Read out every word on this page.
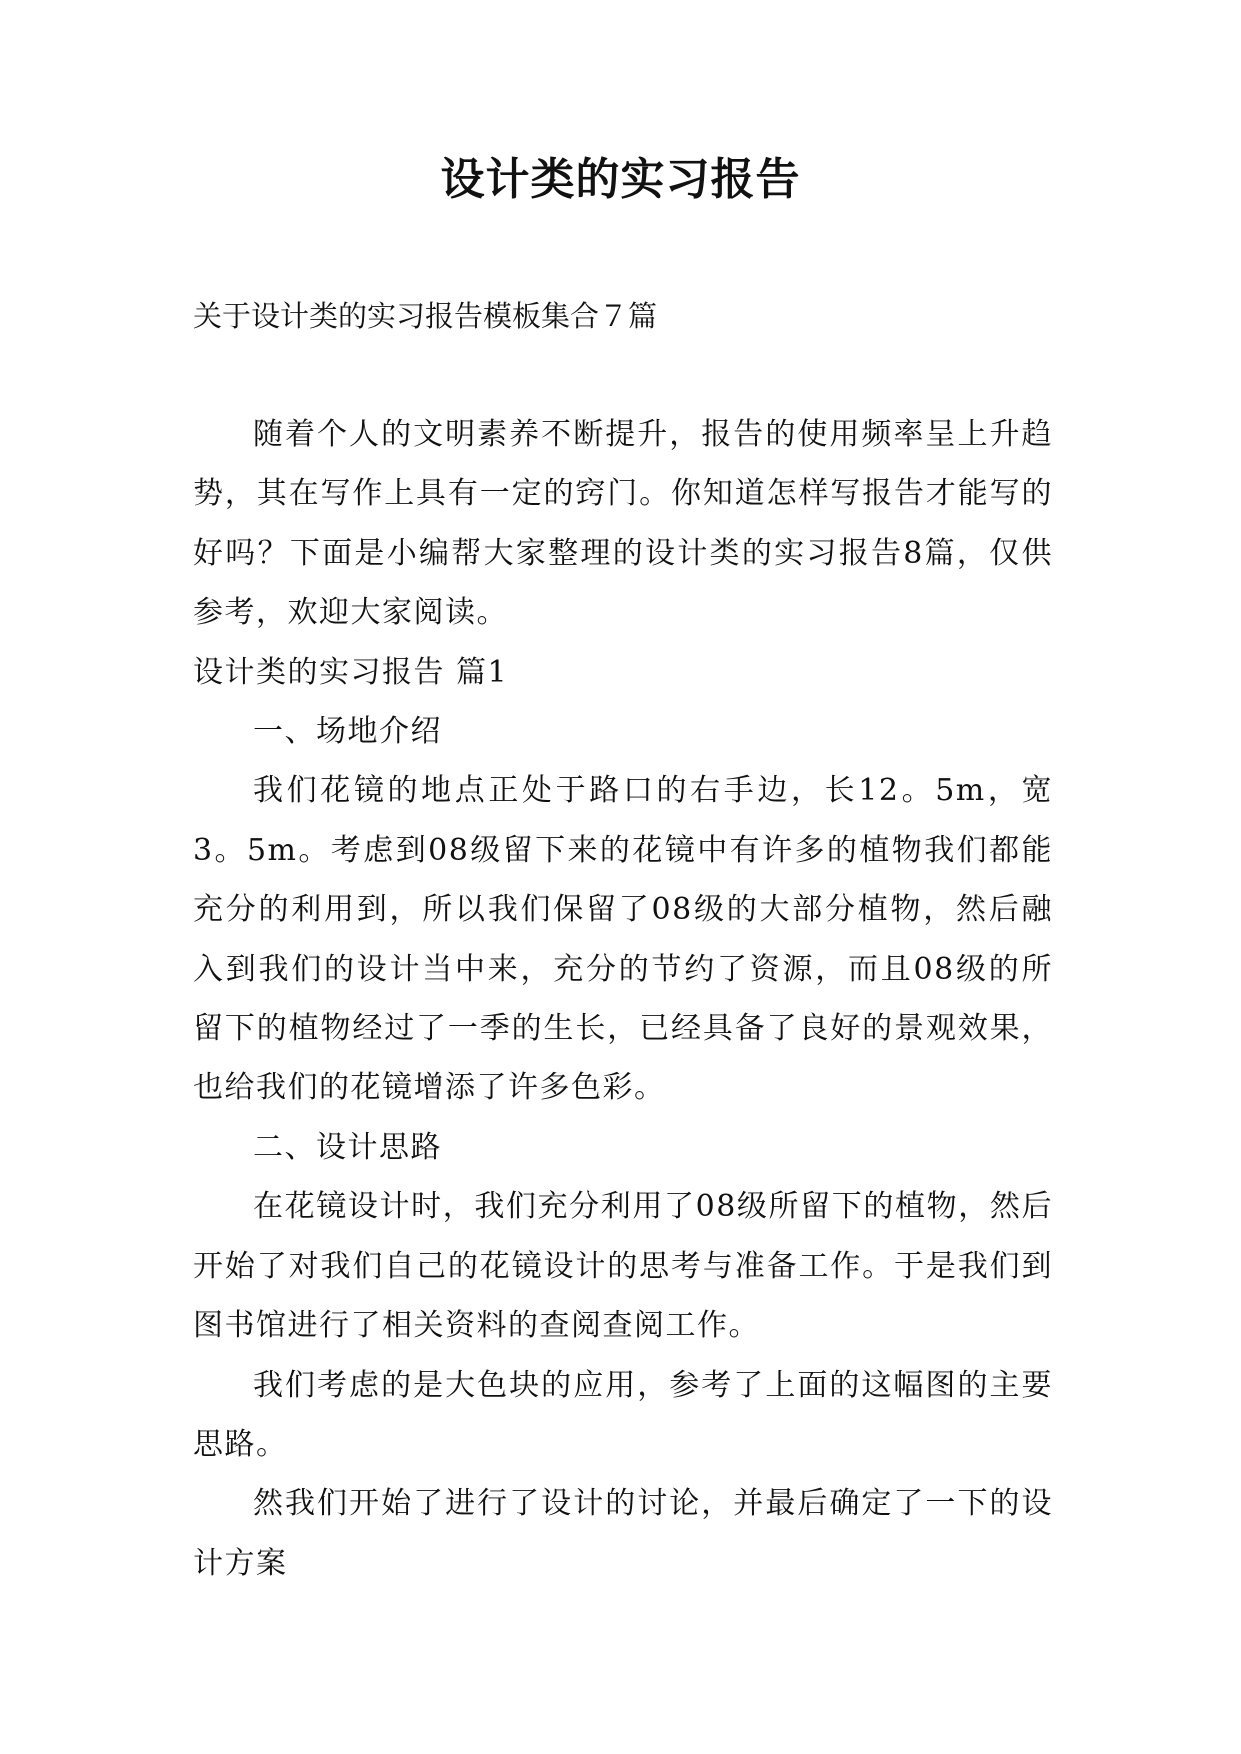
设计类的实习报告
关于设计类的实习报告模板集合７篇

随着个人的文明素养不断提升，报告的使用频率呈上升趋势，其在写作上具有一定的窍门。你知道怎样写报告才能写的好吗？下面是小编帮大家整理的设计类的实习报告8篇，仅供参考，欢迎大家阅读。

设计类的实习报告 篇1

一、场地介绍

我们花镜的地点正处于路口的右手边，长12。5m，宽3。5m。考虑到08级留下来的花镜中有许多的植物我们都能充分的利用到，所以我们保留了08级的大部分植物，然后融入到我们的设计当中来，充分的节约了资源，而且08级的所留下的植物经过了一季的生长，已经具备了良好的景观效果，也给我们的花镜增添了许多色彩。

二、设计思路

在花镜设计时，我们充分利用了08级所留下的植物，然后开始了对我们自己的花镜设计的思考与准备工作。于是我们到图书馆进行了相关资料的查阅查阅工作。

我们考虑的是大色块的应用，参考了上面的这幅图的主要思路。

然我们开始了进行了设计的讨论，并最后确定了一下的设计方案
